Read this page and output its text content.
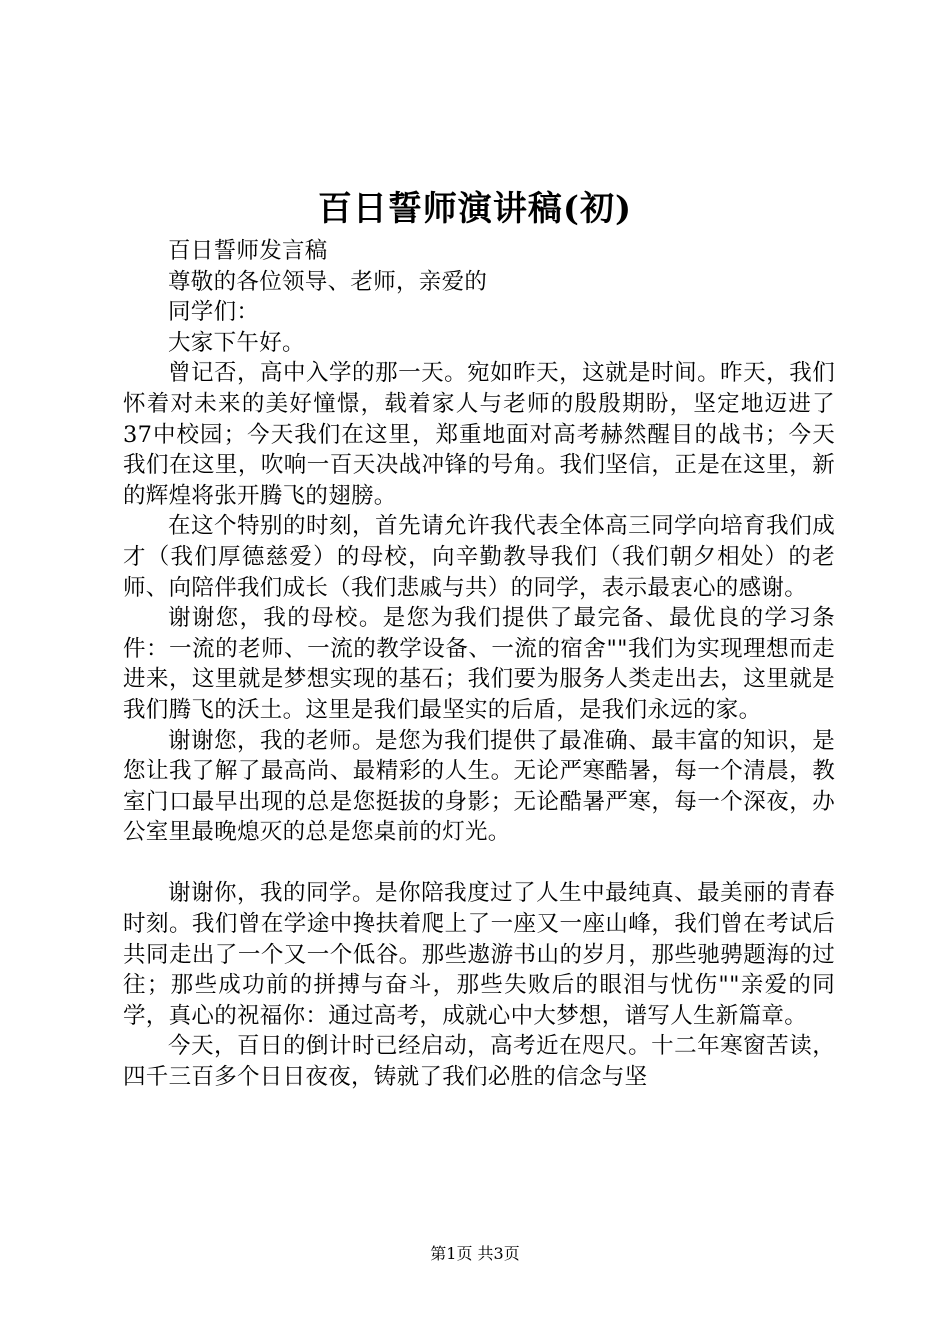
百日誓师演讲稿(初)

百日誓师发言稿

尊敬的各位领导、老师，亲爱的

同学们：

大家下午好。

曾记否，高中入学的那一天。宛如昨天，这就是时间。昨天，我们怀着对未来的美好憧憬，载着家人与老师的殷殷期盼，坚定地迈进了37中校园；今天我们在这里，郑重地面对高考赫然醒目的战书；今天我们在这里，吹响一百天决战冲锋的号角。我们坚信，正是在这里，新的辉煌将张开腾飞的翅膀。

在这个特别的时刻，首先请允许我代表全体高三同学向培育我们成才（我们厚德慈爱）的母校，向辛勤教导我们（我们朝夕相处）的老师、向陪伴我们成长（我们悲戚与共）的同学，表示最衷心的感谢。

谢谢您，我的母校。是您为我们提供了最完备、最优良的学习条件：一流的老师、一流的教学设备、一流的宿舍""我们为实现理想而走进来，这里就是梦想实现的基石；我们要为服务人类走出去，这里就是我们腾飞的沃土。这里是我们最坚实的后盾，是我们永远的家。

谢谢您，我的老师。是您为我们提供了最准确、最丰富的知识，是您让我了解了最高尚、最精彩的人生。无论严寒酷暑，每一个清晨，教室门口最早出现的总是您挺拔的身影；无论酷暑严寒，每一个深夜，办公室里最晚熄灭的总是您桌前的灯光。

谢谢你，我的同学。是你陪我度过了人生中最纯真、最美丽的青春时刻。我们曾在学途中搀扶着爬上了一座又一座山峰，我们曾在考试后共同走出了一个又一个低谷。那些遨游书山的岁月，那些驰骋题海的过往；那些成功前的拼搏与奋斗，那些失败后的眼泪与忧伤""亲爱的同学，真心的祝福你：通过高考，成就心中大梦想，谱写人生新篇章。

今天，百日的倒计时已经启动，高考近在咫尺。十二年寒窗苦读，四千三百多个日日夜夜，铸就了我们必胜的信念与坚

第1页 共3页
